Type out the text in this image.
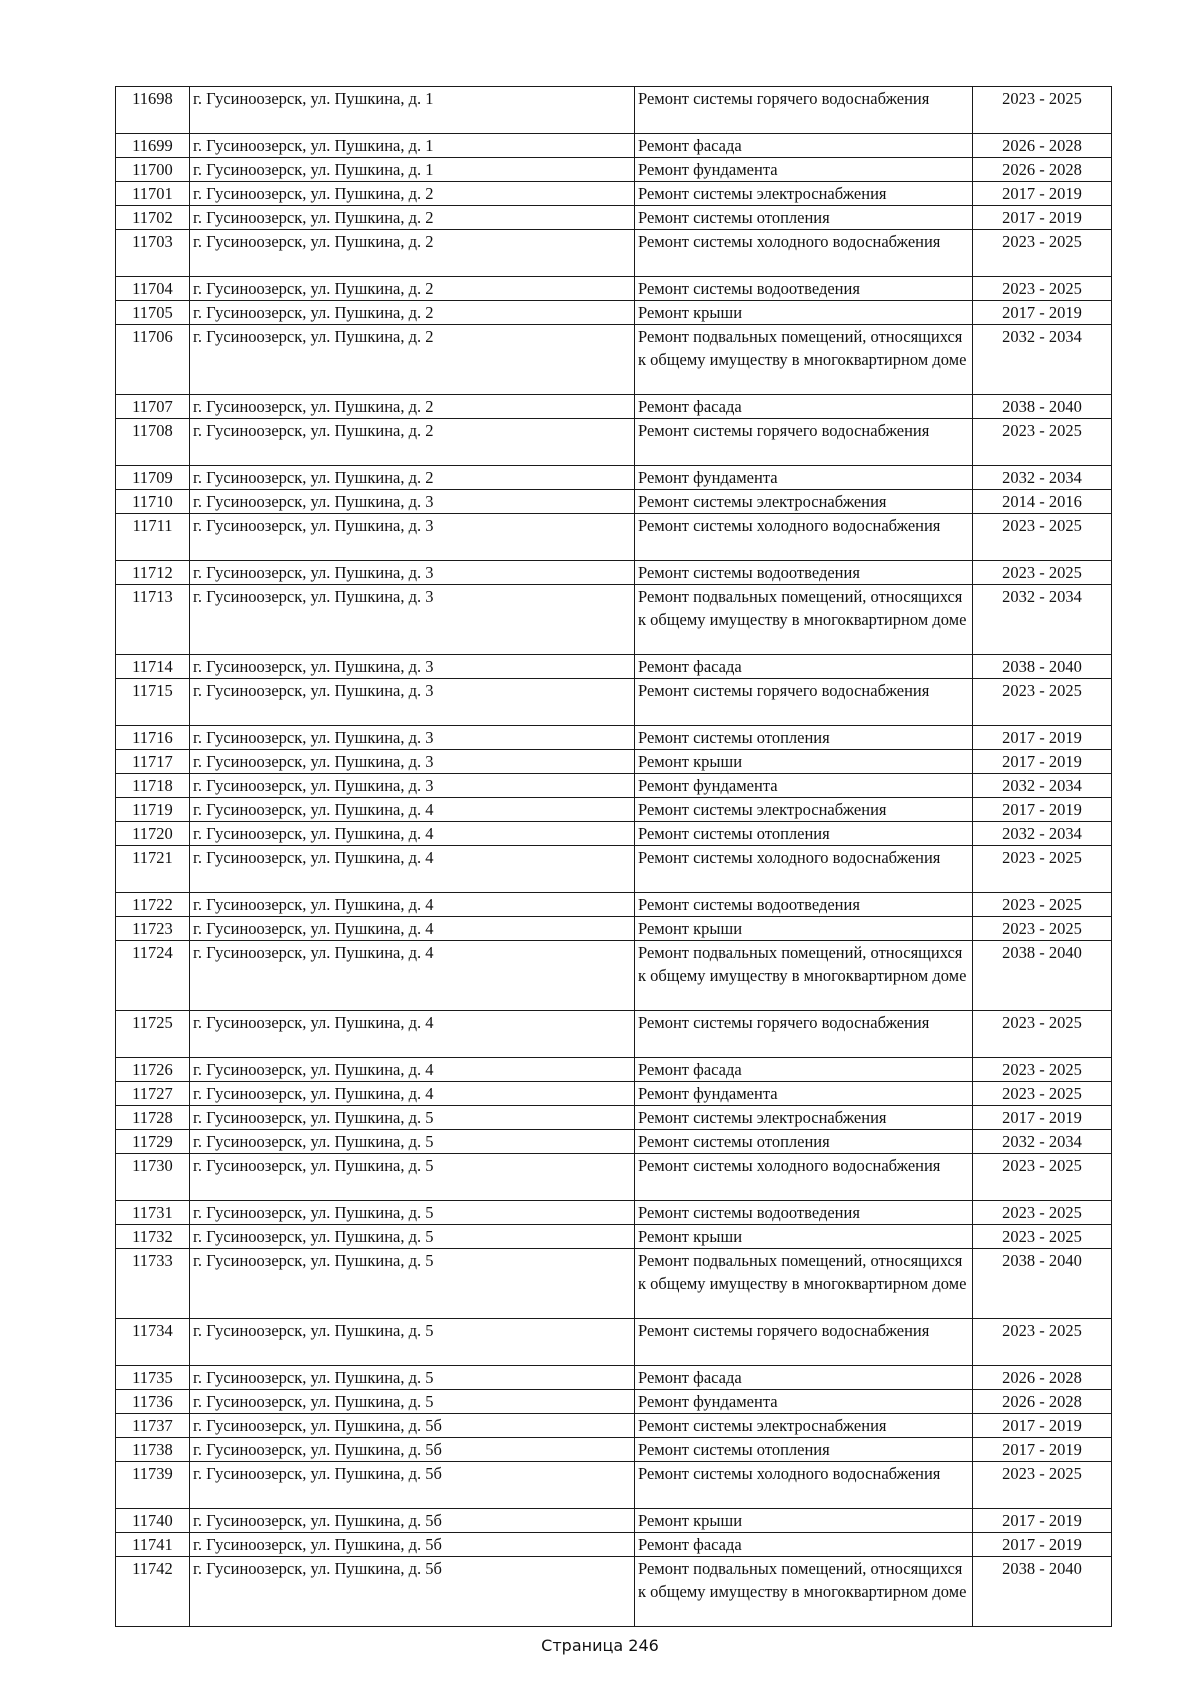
11698	г. Гусиноозерск, ул. Пушкина, д. 1	Ремонт системы горячего водоснабжения	2023 - 2025
11699	г. Гусиноозерск, ул. Пушкина, д. 1	Ремонт фасада	2026 - 2028
11700	г. Гусиноозерск, ул. Пушкина, д. 1	Ремонт фундамента	2026 - 2028
11701	г. Гусиноозерск, ул. Пушкина, д. 2	Ремонт системы электроснабжения	2017 - 2019
11702	г. Гусиноозерск, ул. Пушкина, д. 2	Ремонт системы отопления	2017 - 2019
11703	г. Гусиноозерск, ул. Пушкина, д. 2	Ремонт системы холодного водоснабжения	2023 - 2025
11704	г. Гусиноозерск, ул. Пушкина, д. 2	Ремонт системы водоотведения	2023 - 2025
11705	г. Гусиноозерск, ул. Пушкина, д. 2	Ремонт крыши	2017 - 2019
11706	г. Гусиноозерск, ул. Пушкина, д. 2	Ремонт подвальных помещений, относящихся к общему имуществу в многоквартирном доме	2032 - 2034
11707	г. Гусиноозерск, ул. Пушкина, д. 2	Ремонт фасада	2038 - 2040
11708	г. Гусиноозерск, ул. Пушкина, д. 2	Ремонт системы горячего водоснабжения	2023 - 2025
11709	г. Гусиноозерск, ул. Пушкина, д. 2	Ремонт фундамента	2032 - 2034
11710	г. Гусиноозерск, ул. Пушкина, д. 3	Ремонт системы электроснабжения	2014 - 2016
11711	г. Гусиноозерск, ул. Пушкина, д. 3	Ремонт системы холодного водоснабжения	2023 - 2025
11712	г. Гусиноозерск, ул. Пушкина, д. 3	Ремонт системы водоотведения	2023 - 2025
11713	г. Гусиноозерск, ул. Пушкина, д. 3	Ремонт подвальных помещений, относящихся к общему имуществу в многоквартирном доме	2032 - 2034
11714	г. Гусиноозерск, ул. Пушкина, д. 3	Ремонт фасада	2038 - 2040
11715	г. Гусиноозерск, ул. Пушкина, д. 3	Ремонт системы горячего водоснабжения	2023 - 2025
11716	г. Гусиноозерск, ул. Пушкина, д. 3	Ремонт системы отопления	2017 - 2019
11717	г. Гусиноозерск, ул. Пушкина, д. 3	Ремонт крыши	2017 - 2019
11718	г. Гусиноозерск, ул. Пушкина, д. 3	Ремонт фундамента	2032 - 2034
11719	г. Гусиноозерск, ул. Пушкина, д. 4	Ремонт системы электроснабжения	2017 - 2019
11720	г. Гусиноозерск, ул. Пушкина, д. 4	Ремонт системы отопления	2032 - 2034
11721	г. Гусиноозерск, ул. Пушкина, д. 4	Ремонт системы холодного водоснабжения	2023 - 2025
11722	г. Гусиноозерск, ул. Пушкина, д. 4	Ремонт системы водоотведения	2023 - 2025
11723	г. Гусиноозерск, ул. Пушкина, д. 4	Ремонт крыши	2023 - 2025
11724	г. Гусиноозерск, ул. Пушкина, д. 4	Ремонт подвальных помещений, относящихся к общему имуществу в многоквартирном доме	2038 - 2040
11725	г. Гусиноозерск, ул. Пушкина, д. 4	Ремонт системы горячего водоснабжения	2023 - 2025
11726	г. Гусиноозерск, ул. Пушкина, д. 4	Ремонт фасада	2023 - 2025
11727	г. Гусиноозерск, ул. Пушкина, д. 4	Ремонт фундамента	2023 - 2025
11728	г. Гусиноозерск, ул. Пушкина, д. 5	Ремонт системы электроснабжения	2017 - 2019
11729	г. Гусиноозерск, ул. Пушкина, д. 5	Ремонт системы отопления	2032 - 2034
11730	г. Гусиноозерск, ул. Пушкина, д. 5	Ремонт системы холодного водоснабжения	2023 - 2025
11731	г. Гусиноозерск, ул. Пушкина, д. 5	Ремонт системы водоотведения	2023 - 2025
11732	г. Гусиноозерск, ул. Пушкина, д. 5	Ремонт крыши	2023 - 2025
11733	г. Гусиноозерск, ул. Пушкина, д. 5	Ремонт подвальных помещений, относящихся к общему имуществу в многоквартирном доме	2038 - 2040
11734	г. Гусиноозерск, ул. Пушкина, д. 5	Ремонт системы горячего водоснабжения	2023 - 2025
11735	г. Гусиноозерск, ул. Пушкина, д. 5	Ремонт фасада	2026 - 2028
11736	г. Гусиноозерск, ул. Пушкина, д. 5	Ремонт фундамента	2026 - 2028
11737	г. Гусиноозерск, ул. Пушкина, д. 5б	Ремонт системы электроснабжения	2017 - 2019
11738	г. Гусиноозерск, ул. Пушкина, д. 5б	Ремонт системы отопления	2017 - 2019
11739	г. Гусиноозерск, ул. Пушкина, д. 5б	Ремонт системы холодного водоснабжения	2023 - 2025
11740	г. Гусиноозерск, ул. Пушкина, д. 5б	Ремонт крыши	2017 - 2019
11741	г. Гусиноозерск, ул. Пушкина, д. 5б	Ремонт фасада	2017 - 2019
11742	г. Гусиноозерск, ул. Пушкина, д. 5б	Ремонт подвальных помещений, относящихся к общему имуществу в многоквартирном доме	2038 - 2040
Страница 246
